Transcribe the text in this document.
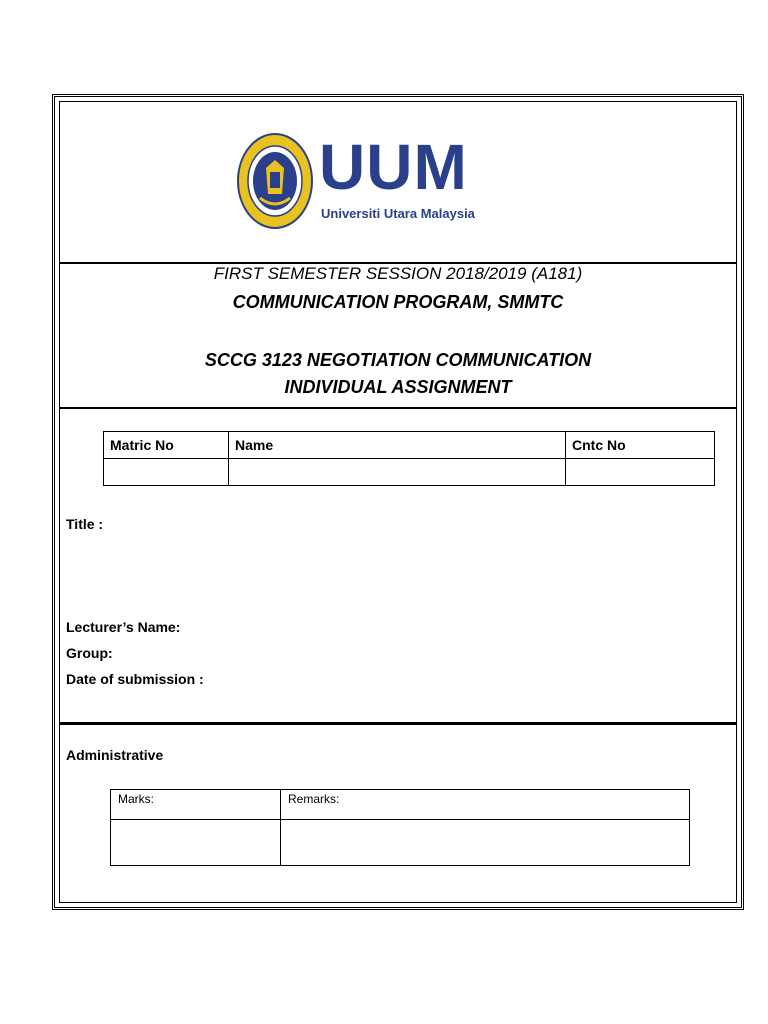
UUM
Universiti Utara Malaysia
FIRST SEMESTER SESSION 2018/2019 (A181)
COMMUNICATION PROGRAM, SMMTC
SCCG 3123 NEGOTIATION COMMUNICATION
INDIVIDUAL ASSIGNMENT
Matric No	Name	Cntc No

Title :
Lecturer’s Name:
Group:
Date of submission :
Administrative
Marks:	Remarks:
